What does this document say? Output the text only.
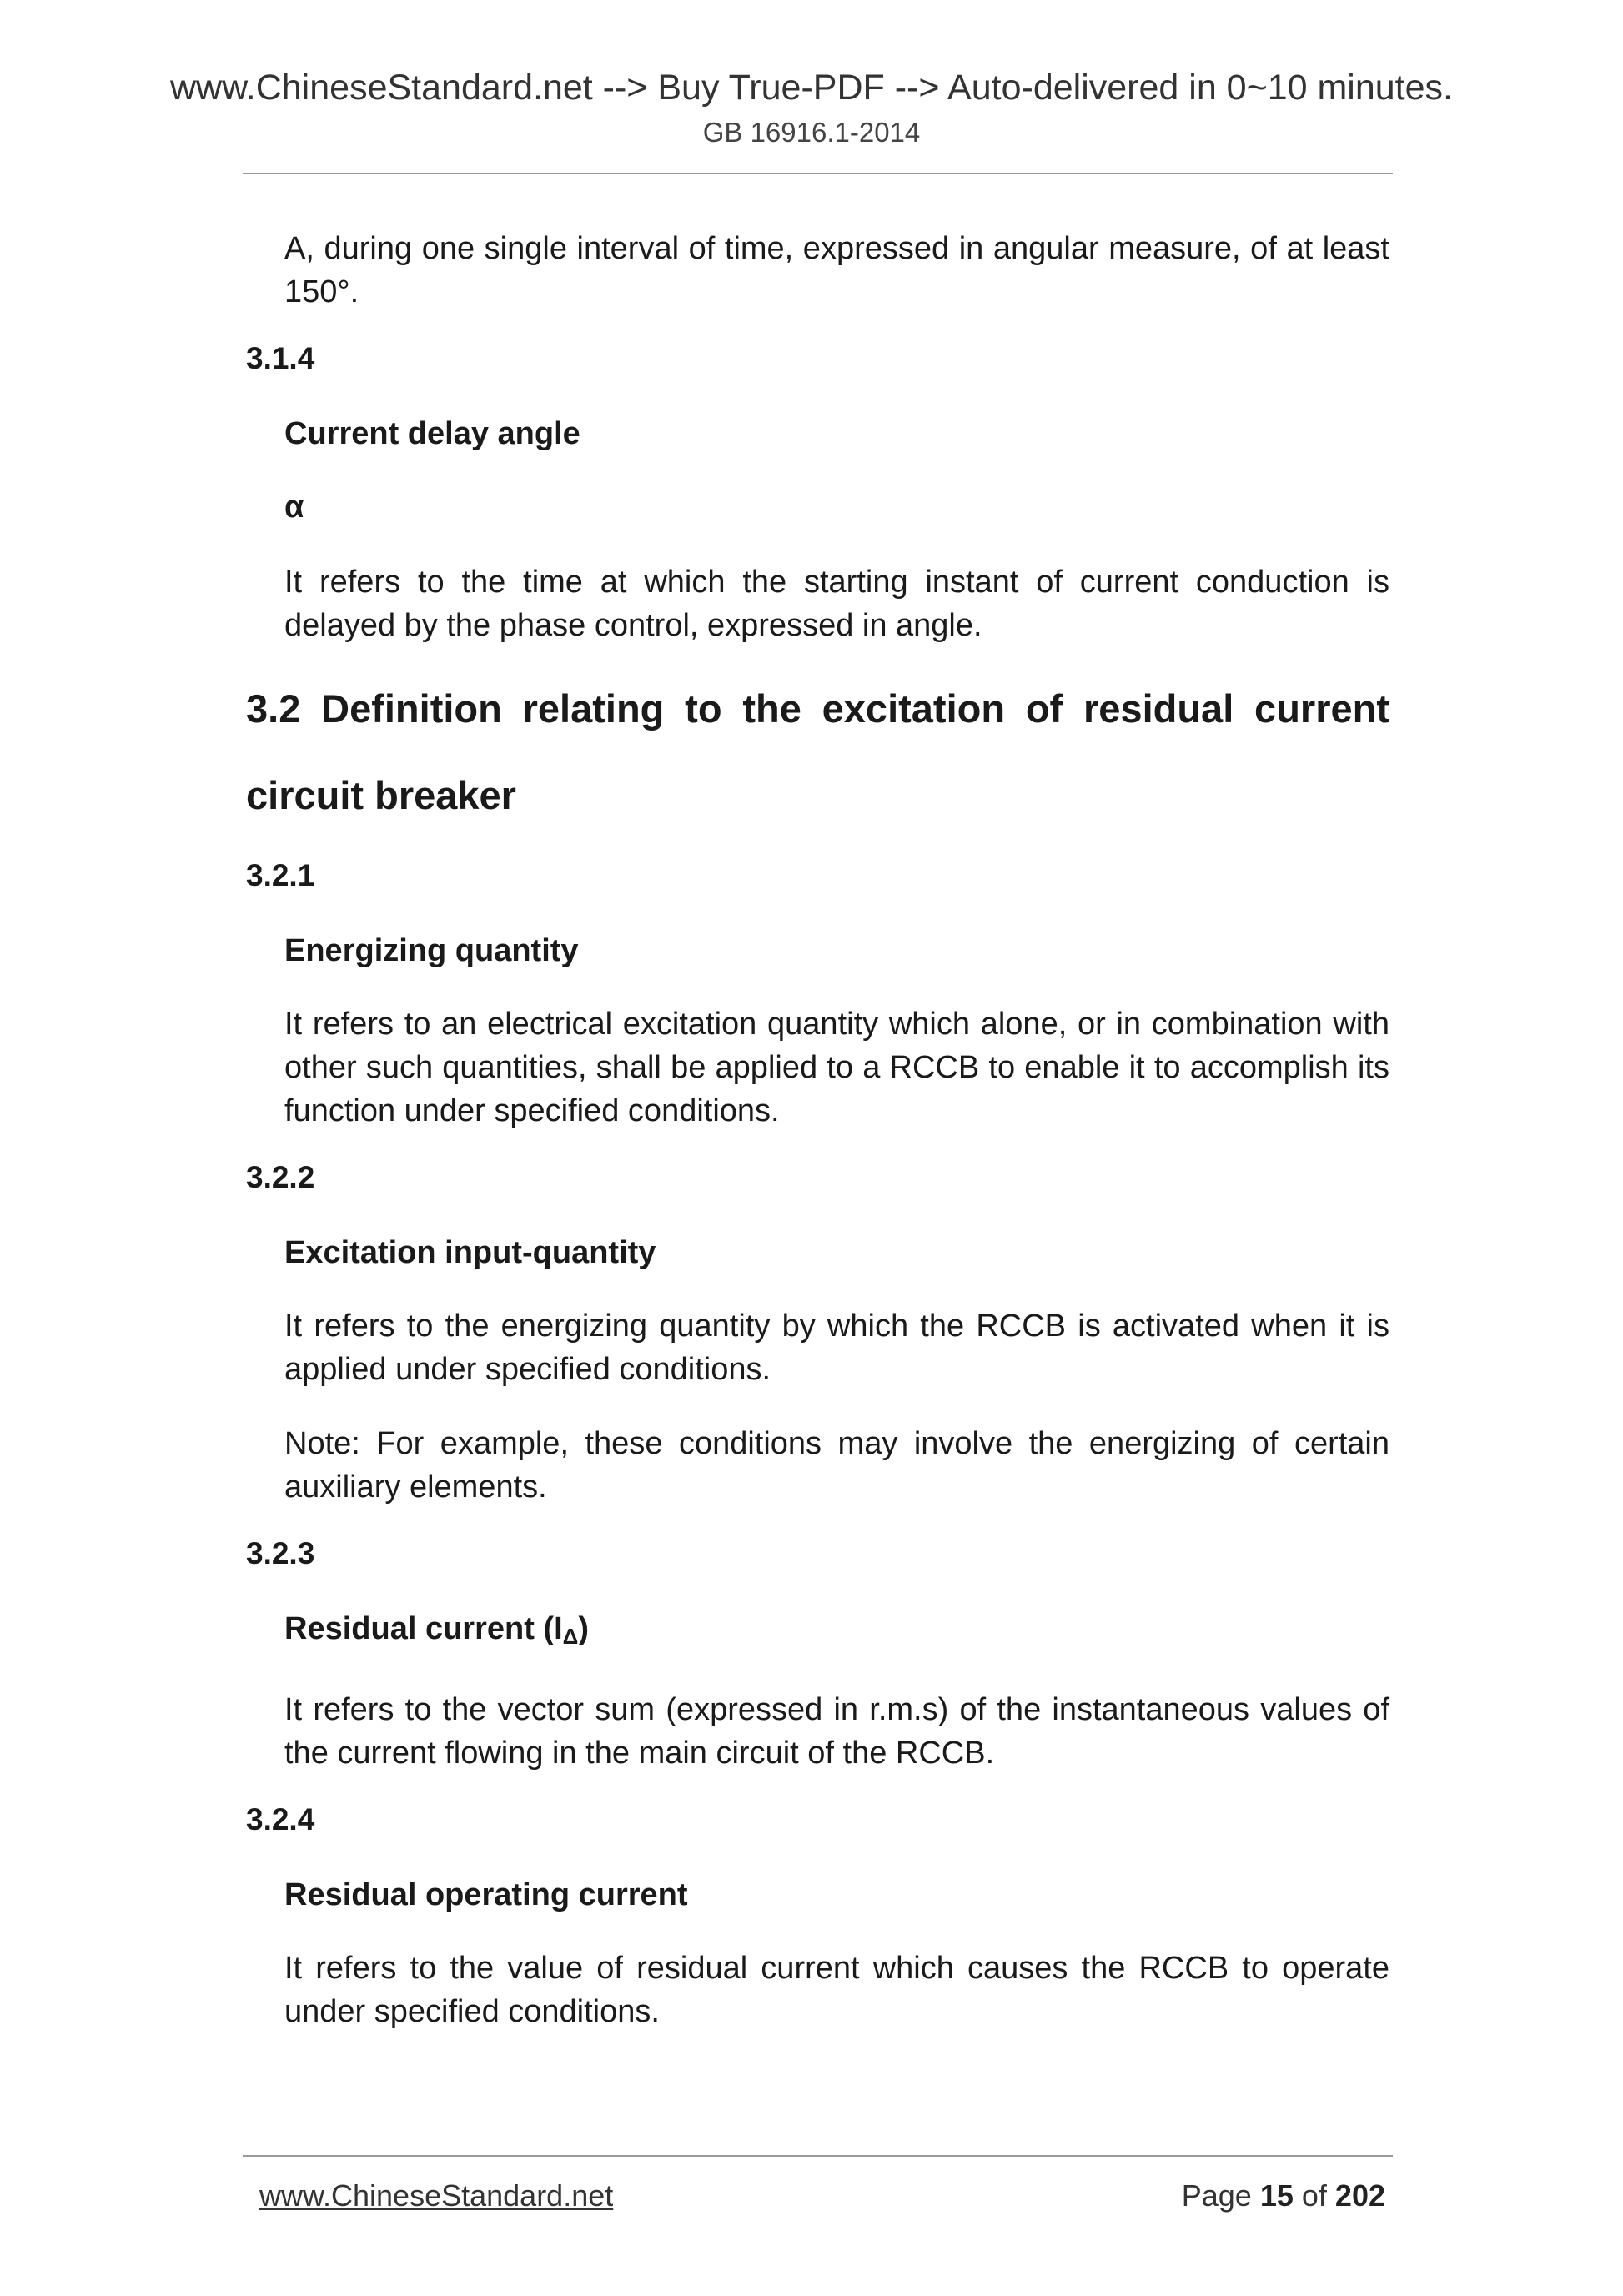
www.ChineseStandard.net --> Buy True-PDF --> Auto-delivered in 0~10 minutes.
GB 16916.1-2014

A, during one single interval of time, expressed in angular measure, of at least 150°.

3.1.4

Current delay angle

α

It refers to the time at which the starting instant of current conduction is delayed by the phase control, expressed in angle.

3.2 Definition relating to the excitation of residual current circuit breaker

3.2.1

Energizing quantity

It refers to an electrical excitation quantity which alone, or in combination with other such quantities, shall be applied to a RCCB to enable it to accomplish its function under specified conditions.

3.2.2

Excitation input-quantity

It refers to the energizing quantity by which the RCCB is activated when it is applied under specified conditions.

Note: For example, these conditions may involve the energizing of certain auxiliary elements.

3.2.3

Residual current $(I_\Delta)$

It refers to the vector sum (expressed in r.m.s) of the instantaneous values of the current flowing in the main circuit of the RCCB.

3.2.4

Residual operating current

It refers to the value of residual current which causes the RCCB to operate under specified conditions.

www.ChineseStandard.net	Page 15 of 202
